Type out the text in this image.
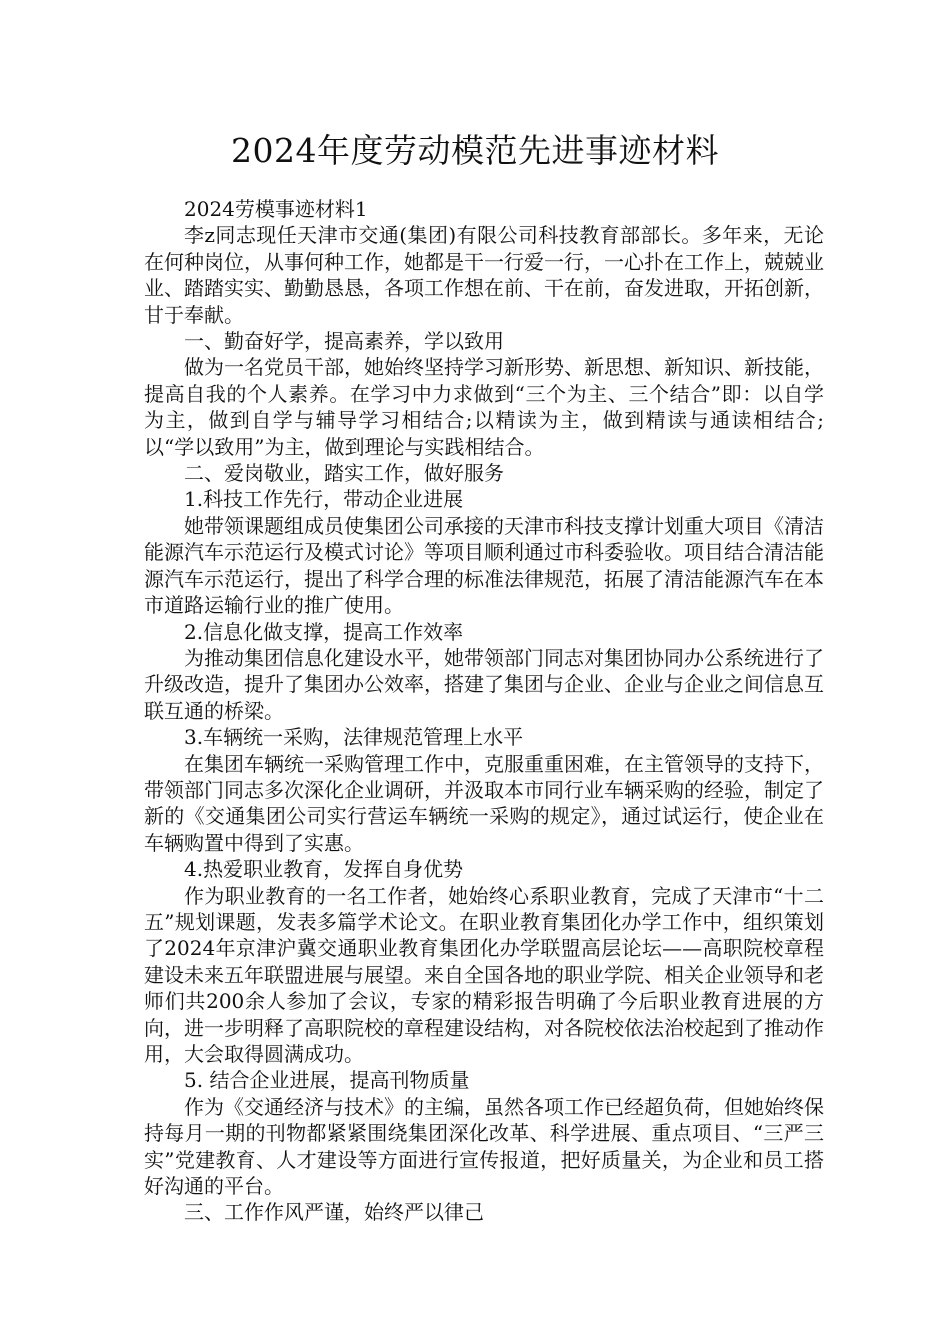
2024年度劳动模范先进事迹材料

2024劳模事迹材料1

李z同志现任天津市交通(集团)有限公司科技教育部部长。多年来，无论在何种岗位，从事何种工作，她都是干一行爱一行，一心扑在工作上，兢兢业业、踏踏实实、勤勤恳恳，各项工作想在前、干在前，奋发进取，开拓创新，甘于奉献。

一、勤奋好学，提高素养，学以致用

做为一名党员干部，她始终坚持学习新形势、新思想、新知识、新技能，提高自我的个人素养。在学习中力求做到“三个为主、三个结合”即：以自学为主，做到自学与辅导学习相结合;以精读为主，做到精读与通读相结合;以“学以致用”为主，做到理论与实践相结合。

二、爱岗敬业，踏实工作，做好服务

1.科技工作先行，带动企业进展

她带领课题组成员使集团公司承接的天津市科技支撑计划重大项目《清洁能源汽车示范运行及模式讨论》等项目顺利通过市科委验收。项目结合清洁能源汽车示范运行，提出了科学合理的标准法律规范，拓展了清洁能源汽车在本市道路运输行业的推广使用。

2.信息化做支撑，提高工作效率

为推动集团信息化建设水平，她带领部门同志对集团协同办公系统进行了升级改造，提升了集团办公效率，搭建了集团与企业、企业与企业之间信息互联互通的桥梁。

3.车辆统一采购，法律规范管理上水平

在集团车辆统一采购管理工作中，克服重重困难，在主管领导的支持下，带领部门同志多次深化企业调研，并汲取本市同行业车辆采购的经验，制定了新的《交通集团公司实行营运车辆统一采购的规定》，通过试运行，使企业在车辆购置中得到了实惠。

4.热爱职业教育，发挥自身优势

作为职业教育的一名工作者，她始终心系职业教育，完成了天津市“十二五”规划课题，发表多篇学术论文。在职业教育集团化办学工作中，组织策划了2024年京津沪冀交通职业教育集团化办学联盟高层论坛——高职院校章程建设未来五年联盟进展与展望。来自全国各地的职业学院、相关企业领导和老师们共200余人参加了会议，专家的精彩报告明确了今后职业教育进展的方向，进一步明释了高职院校的章程建设结构，对各院校依法治校起到了推动作用，大会取得圆满成功。

5. 结合企业进展，提高刊物质量

作为《交通经济与技术》的主编，虽然各项工作已经超负荷，但她始终保持每月一期的刊物都紧紧围绕集团深化改革、科学进展、重点项目、“三严三实”党建教育、人才建设等方面进行宣传报道，把好质量关，为企业和员工搭好沟通的平台。

三、工作作风严谨，始终严以律己
